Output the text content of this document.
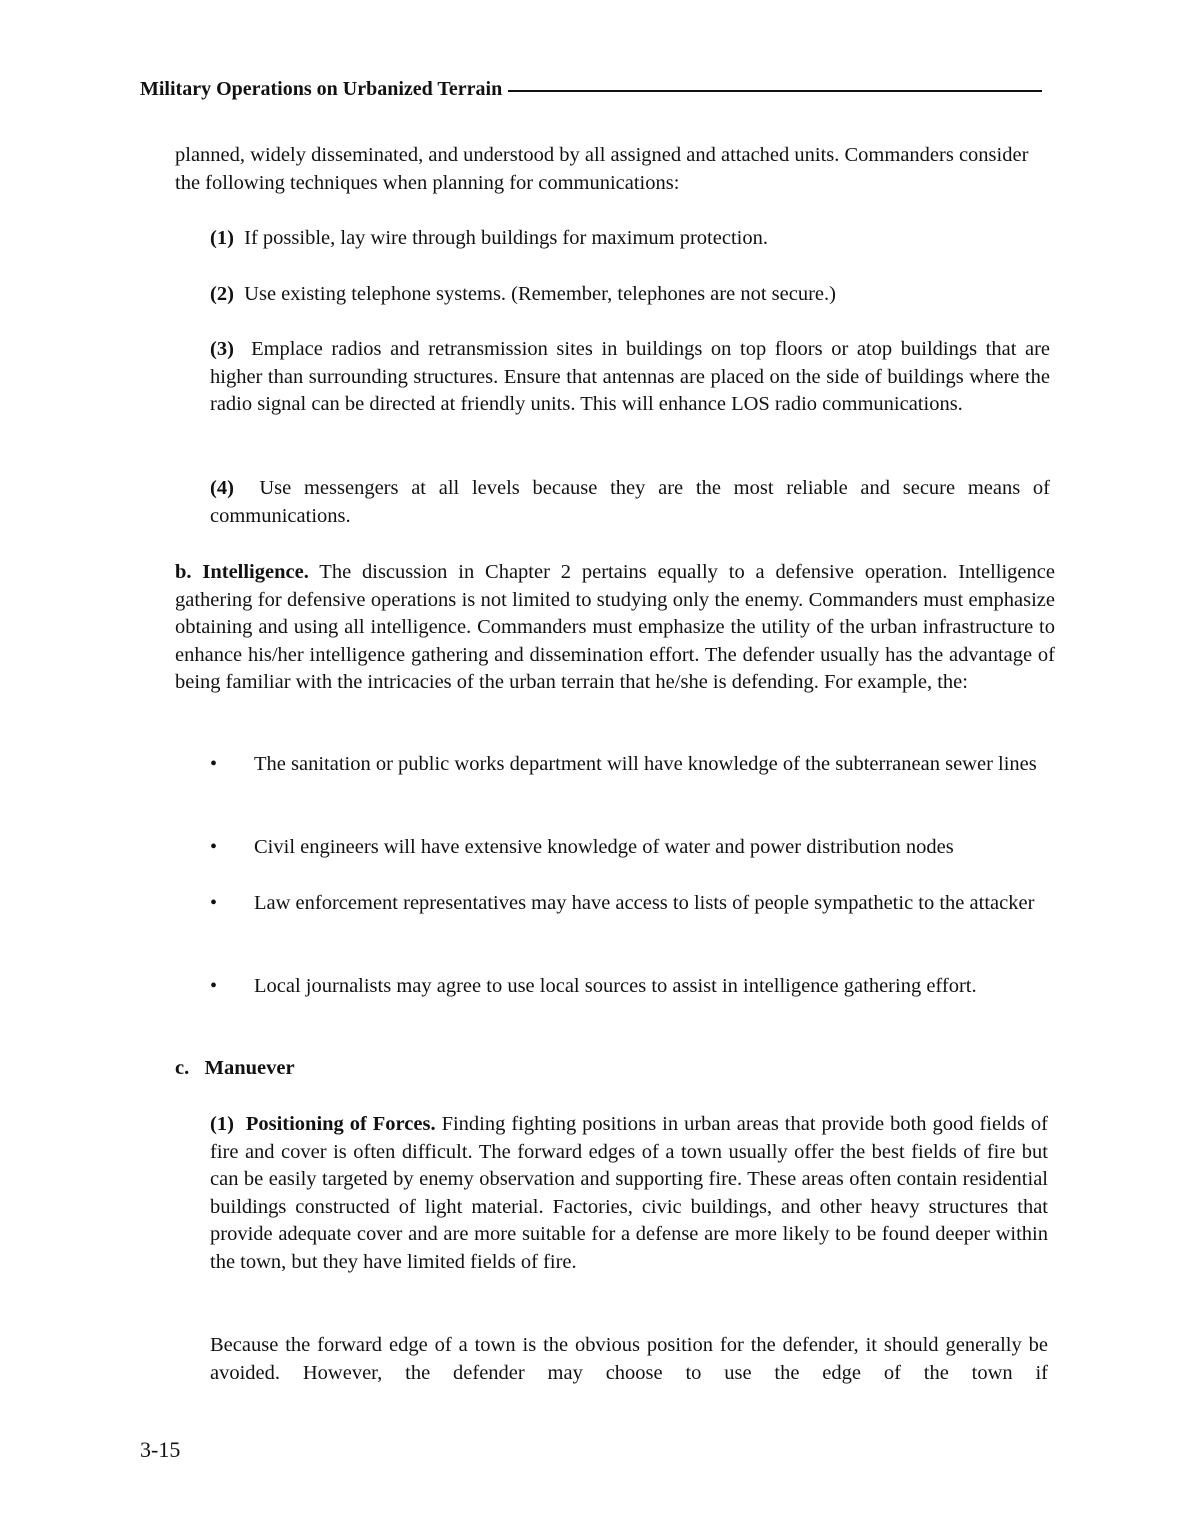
Military Operations on Urbanized Terrain

planned, widely disseminated, and understood by all assigned and attached units. Commanders consider the following techniques when planning for communications:

(1) If possible, lay wire through buildings for maximum protection.

(2) Use existing telephone systems. (Remember, telephones are not secure.)

(3) Emplace radios and retransmission sites in buildings on top floors or atop buildings that are higher than surrounding structures. Ensure that antennas are placed on the side of buildings where the radio signal can be directed at friendly units. This will enhance LOS radio communications.

(4) Use messengers at all levels because they are the most reliable and secure means of communications.

b. Intelligence. The discussion in Chapter 2 pertains equally to a defensive operation. Intelligence gathering for defensive operations is not limited to studying only the enemy. Commanders must emphasize obtaining and using all intelligence. Commanders must emphasize the utility of the urban infrastructure to enhance his/her intelligence gathering and dissemination effort. The defender usually has the advantage of being familiar with the intricacies of the urban terrain that he/she is defending. For example, the:

•	The sanitation or public works department will have knowledge of the subterranean sewer lines
•	Civil engineers will have extensive knowledge of water and power distribution nodes
•	Law enforcement representatives may have access to lists of people sympathetic to the attacker
•	Local journalists may agree to use local sources to assist in intelligence gathering effort.

c.   Manuever

(1)  Positioning of Forces. Finding fighting positions in urban areas that provide both good fields of fire and cover is often difficult. The forward edges of a town usually offer the best fields of fire but can be easily targeted by enemy observation and supporting fire. These areas often contain residential buildings constructed of light material. Factories, civic buildings, and other heavy structures that provide adequate cover and are more suitable for a defense are more likely to be found deeper within the town, but they have limited fields of fire.

Because the forward edge of a town is the obvious position for the defender, it should generally be avoided. However, the defender may choose to use the edge of the town if

3-15
